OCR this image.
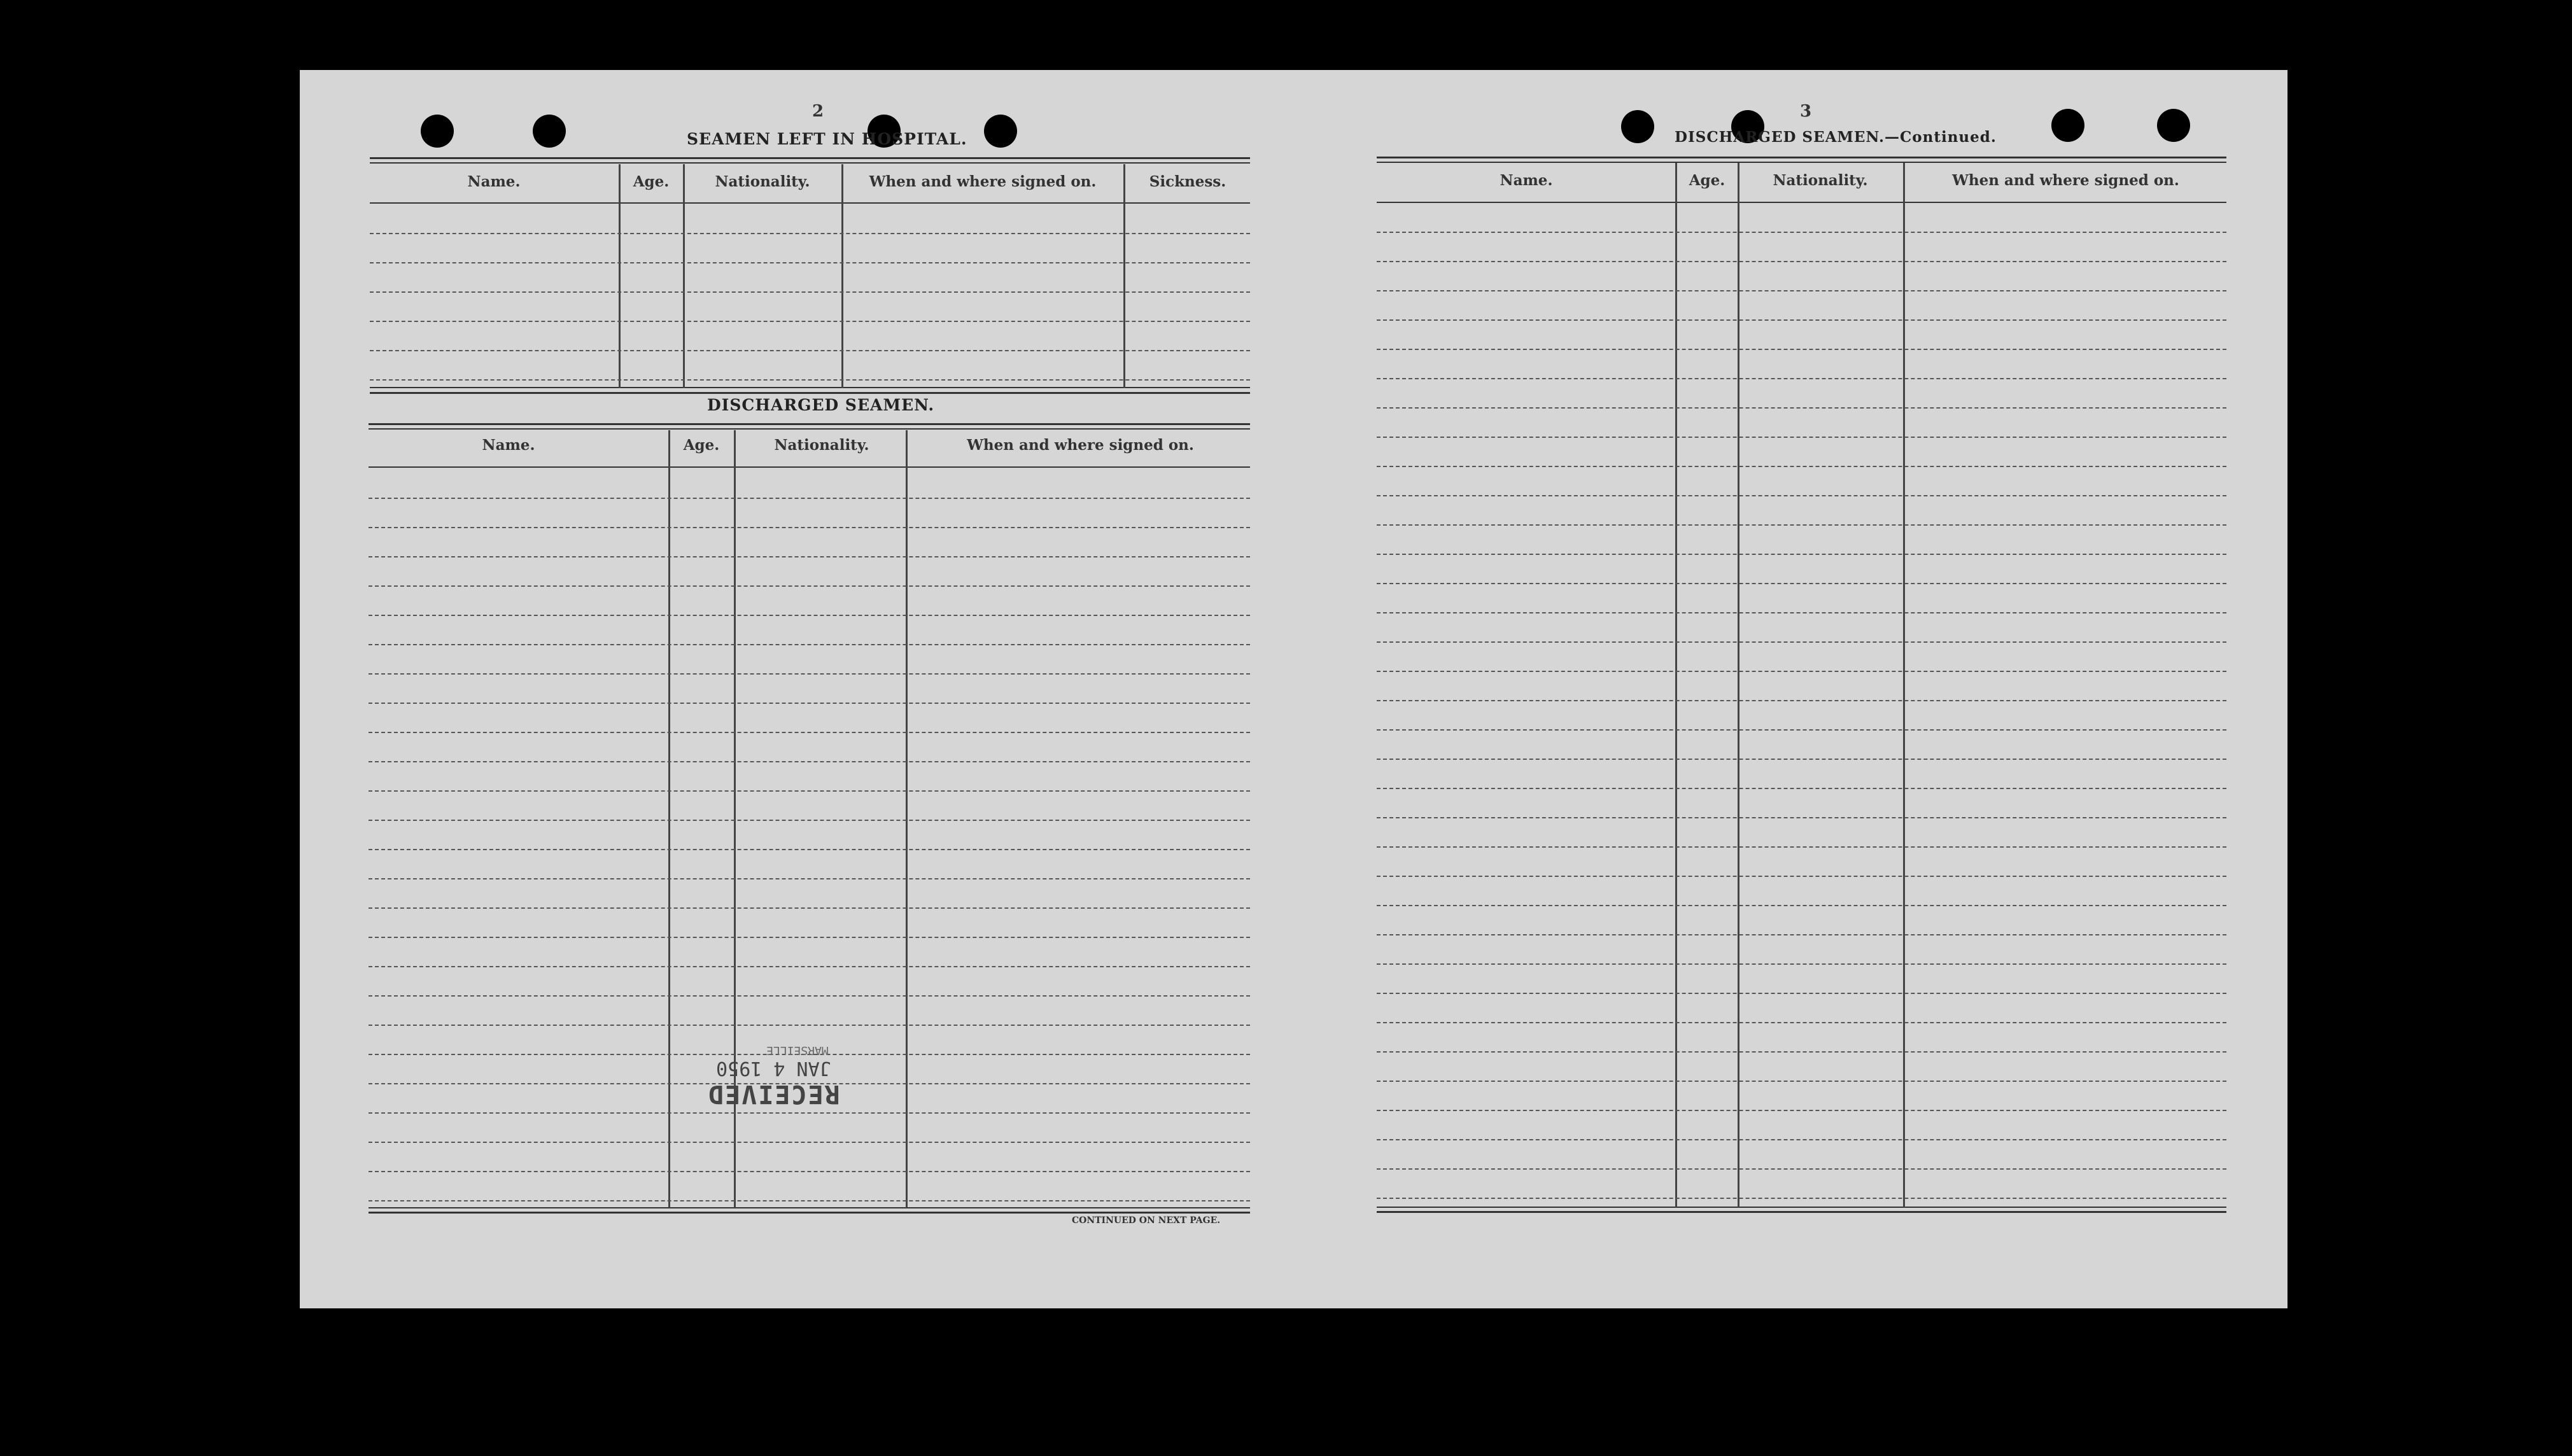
2
SEAMEN LEFT IN HOSPITAL.
Name.	Age.	Nationality.	When and where signed on.	Sickness.
DISCHARGED SEAMEN.
Name.	Age.	Nationality.	When and where signed on.
CONTINUED ON NEXT PAGE.
3
DISCHARGED SEAMEN.—Continued.
Name.	Age.	Nationality.	When and where signed on.
RECEIVED
JAN 4 1950
MARSEILLE
